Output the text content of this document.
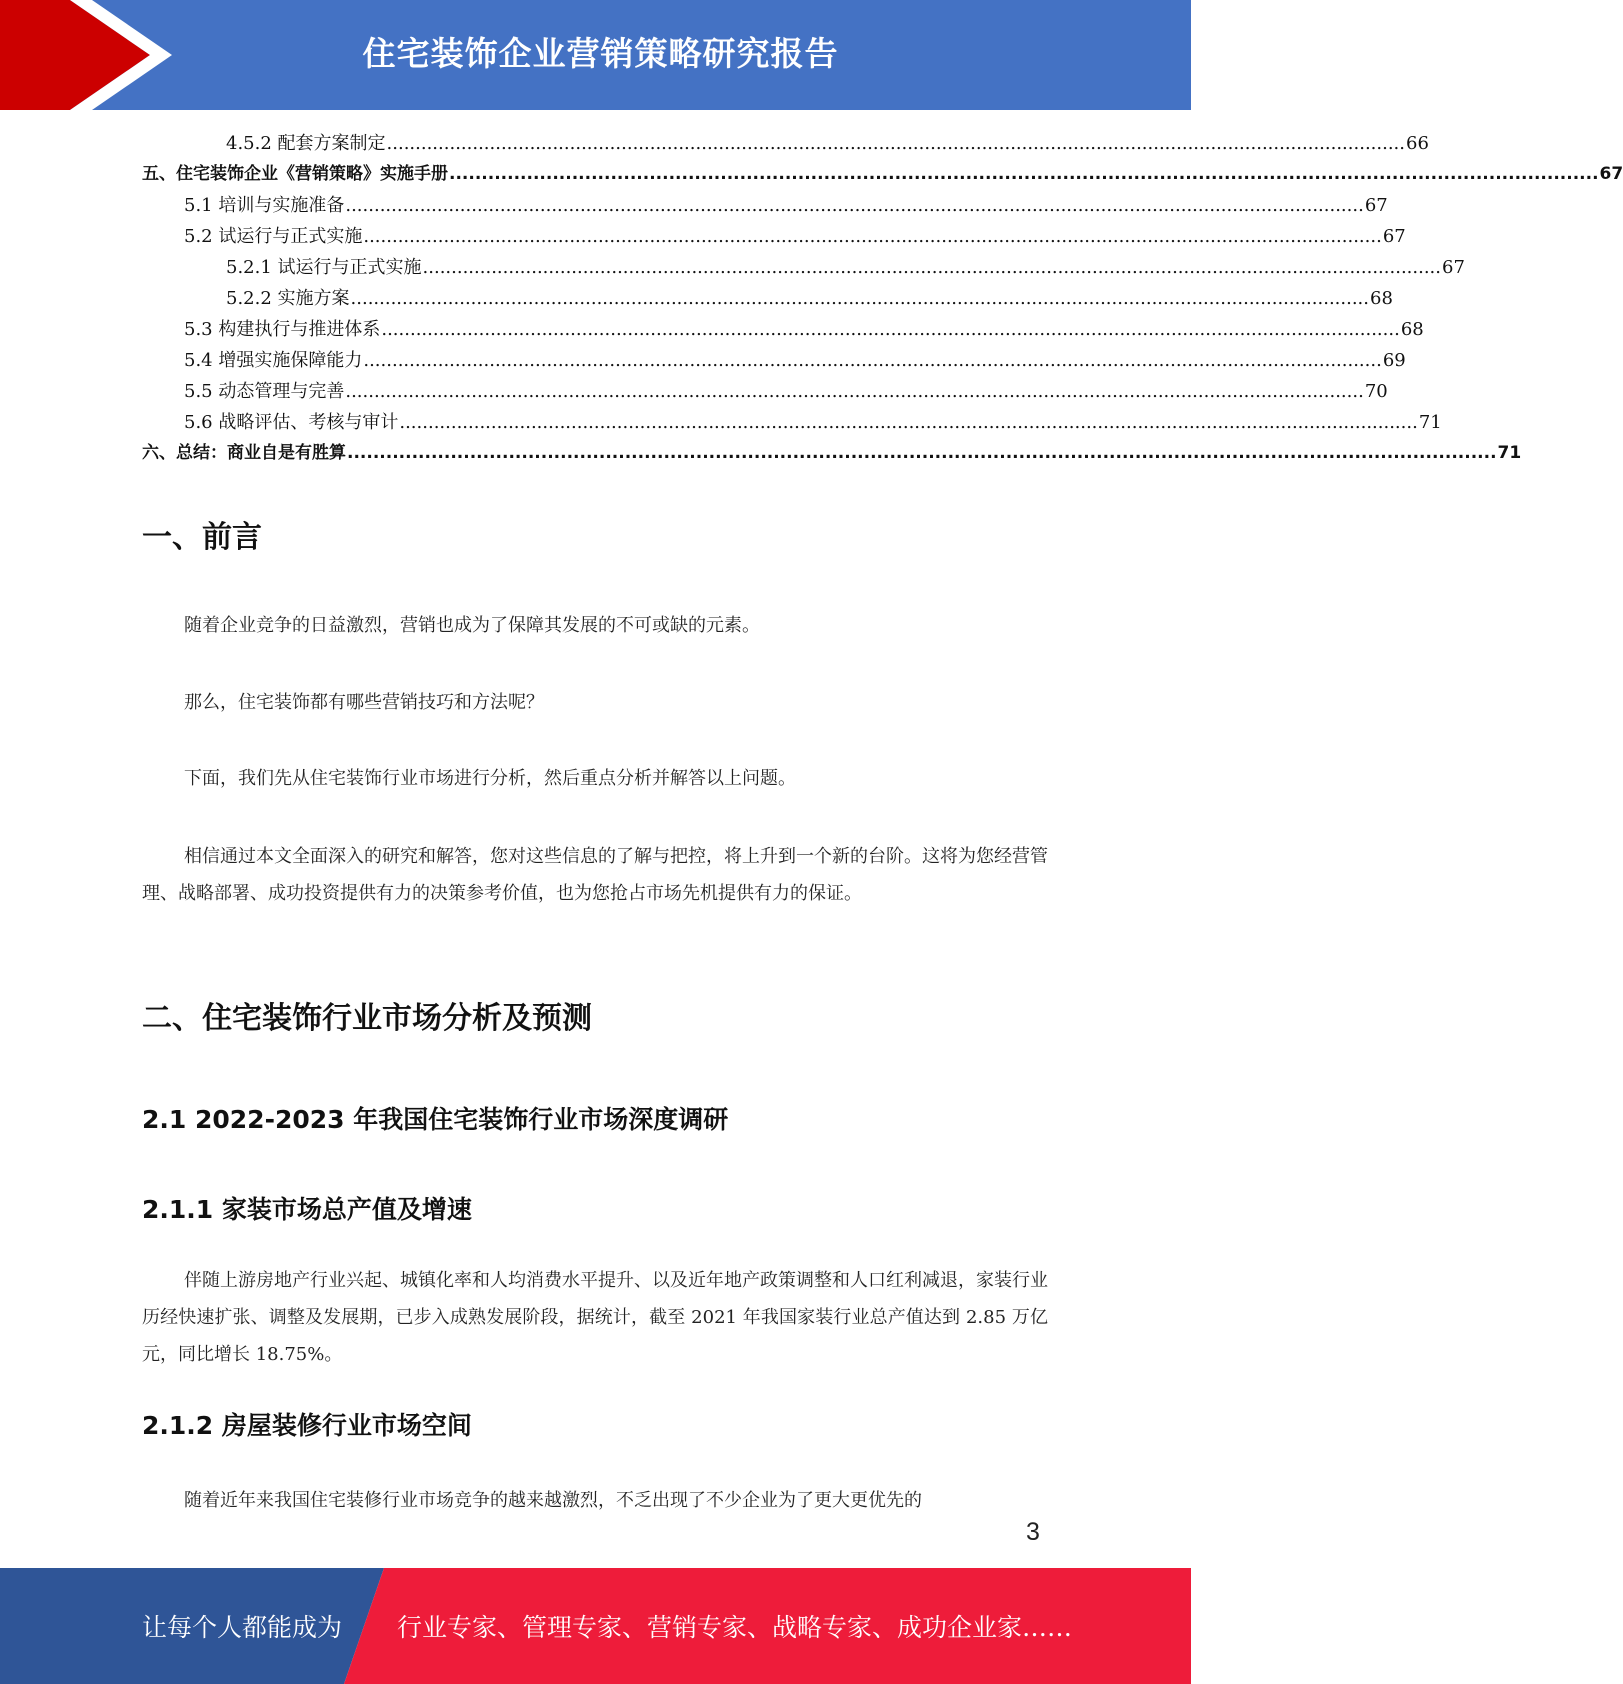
住宅装饰企业营销策略研究报告
4.5.2 配套方案制定 .................................................................................................................................................................................. 66
五、住宅装饰企业《营销策略》实施手册 .................................................................................................................................................................................. 67
5.1 培训与实施准备 .................................................................................................................................................................................. 67
5.2 试运行与正式实施 .................................................................................................................................................................................. 67
5.2.1 试运行与正式实施 .................................................................................................................................................................................. 67
5.2.2 实施方案 .................................................................................................................................................................................. 68
5.3 构建执行与推进体系 .................................................................................................................................................................................. 68
5.4 增强实施保障能力 .................................................................................................................................................................................. 69
5.5 动态管理与完善 .................................................................................................................................................................................. 70
5.6 战略评估、考核与审计 .................................................................................................................................................................................. 71
六、总结：商业自是有胜算 .................................................................................................................................................................................. 71
一、前言
随着企业竞争的日益激烈，营销也成为了保障其发展的不可或缺的元素。
那么，住宅装饰都有哪些营销技巧和方法呢？
下面，我们先从住宅装饰行业市场进行分析，然后重点分析并解答以上问题。
相信通过本文全面深入的研究和解答，您对这些信息的了解与把控，将上升到一个新的台阶。这将为您经营管理、战略部署、成功投资提供有力的决策参考价值，也为您抢占市场先机提供有力的保证。
二、住宅装饰行业市场分析及预测
2.1 2022-2023 年我国住宅装饰行业市场深度调研
2.1.1 家装市场总产值及增速
伴随上游房地产行业兴起、城镇化率和人均消费水平提升、以及近年地产政策调整和人口红利减退，家装行业历经快速扩张、调整及发展期，已步入成熟发展阶段，据统计，截至 2021 年我国家装行业总产值达到 2.85 万亿元，同比增长 18.75%。
2.1.2 房屋装修行业市场空间
随着近年来我国住宅装修行业市场竞争的越来越激烈，不乏出现了不少企业为了更大更优先的
3
让每个人都能成为 行业专家、管理专家、营销专家、战略专家、成功企业家……
